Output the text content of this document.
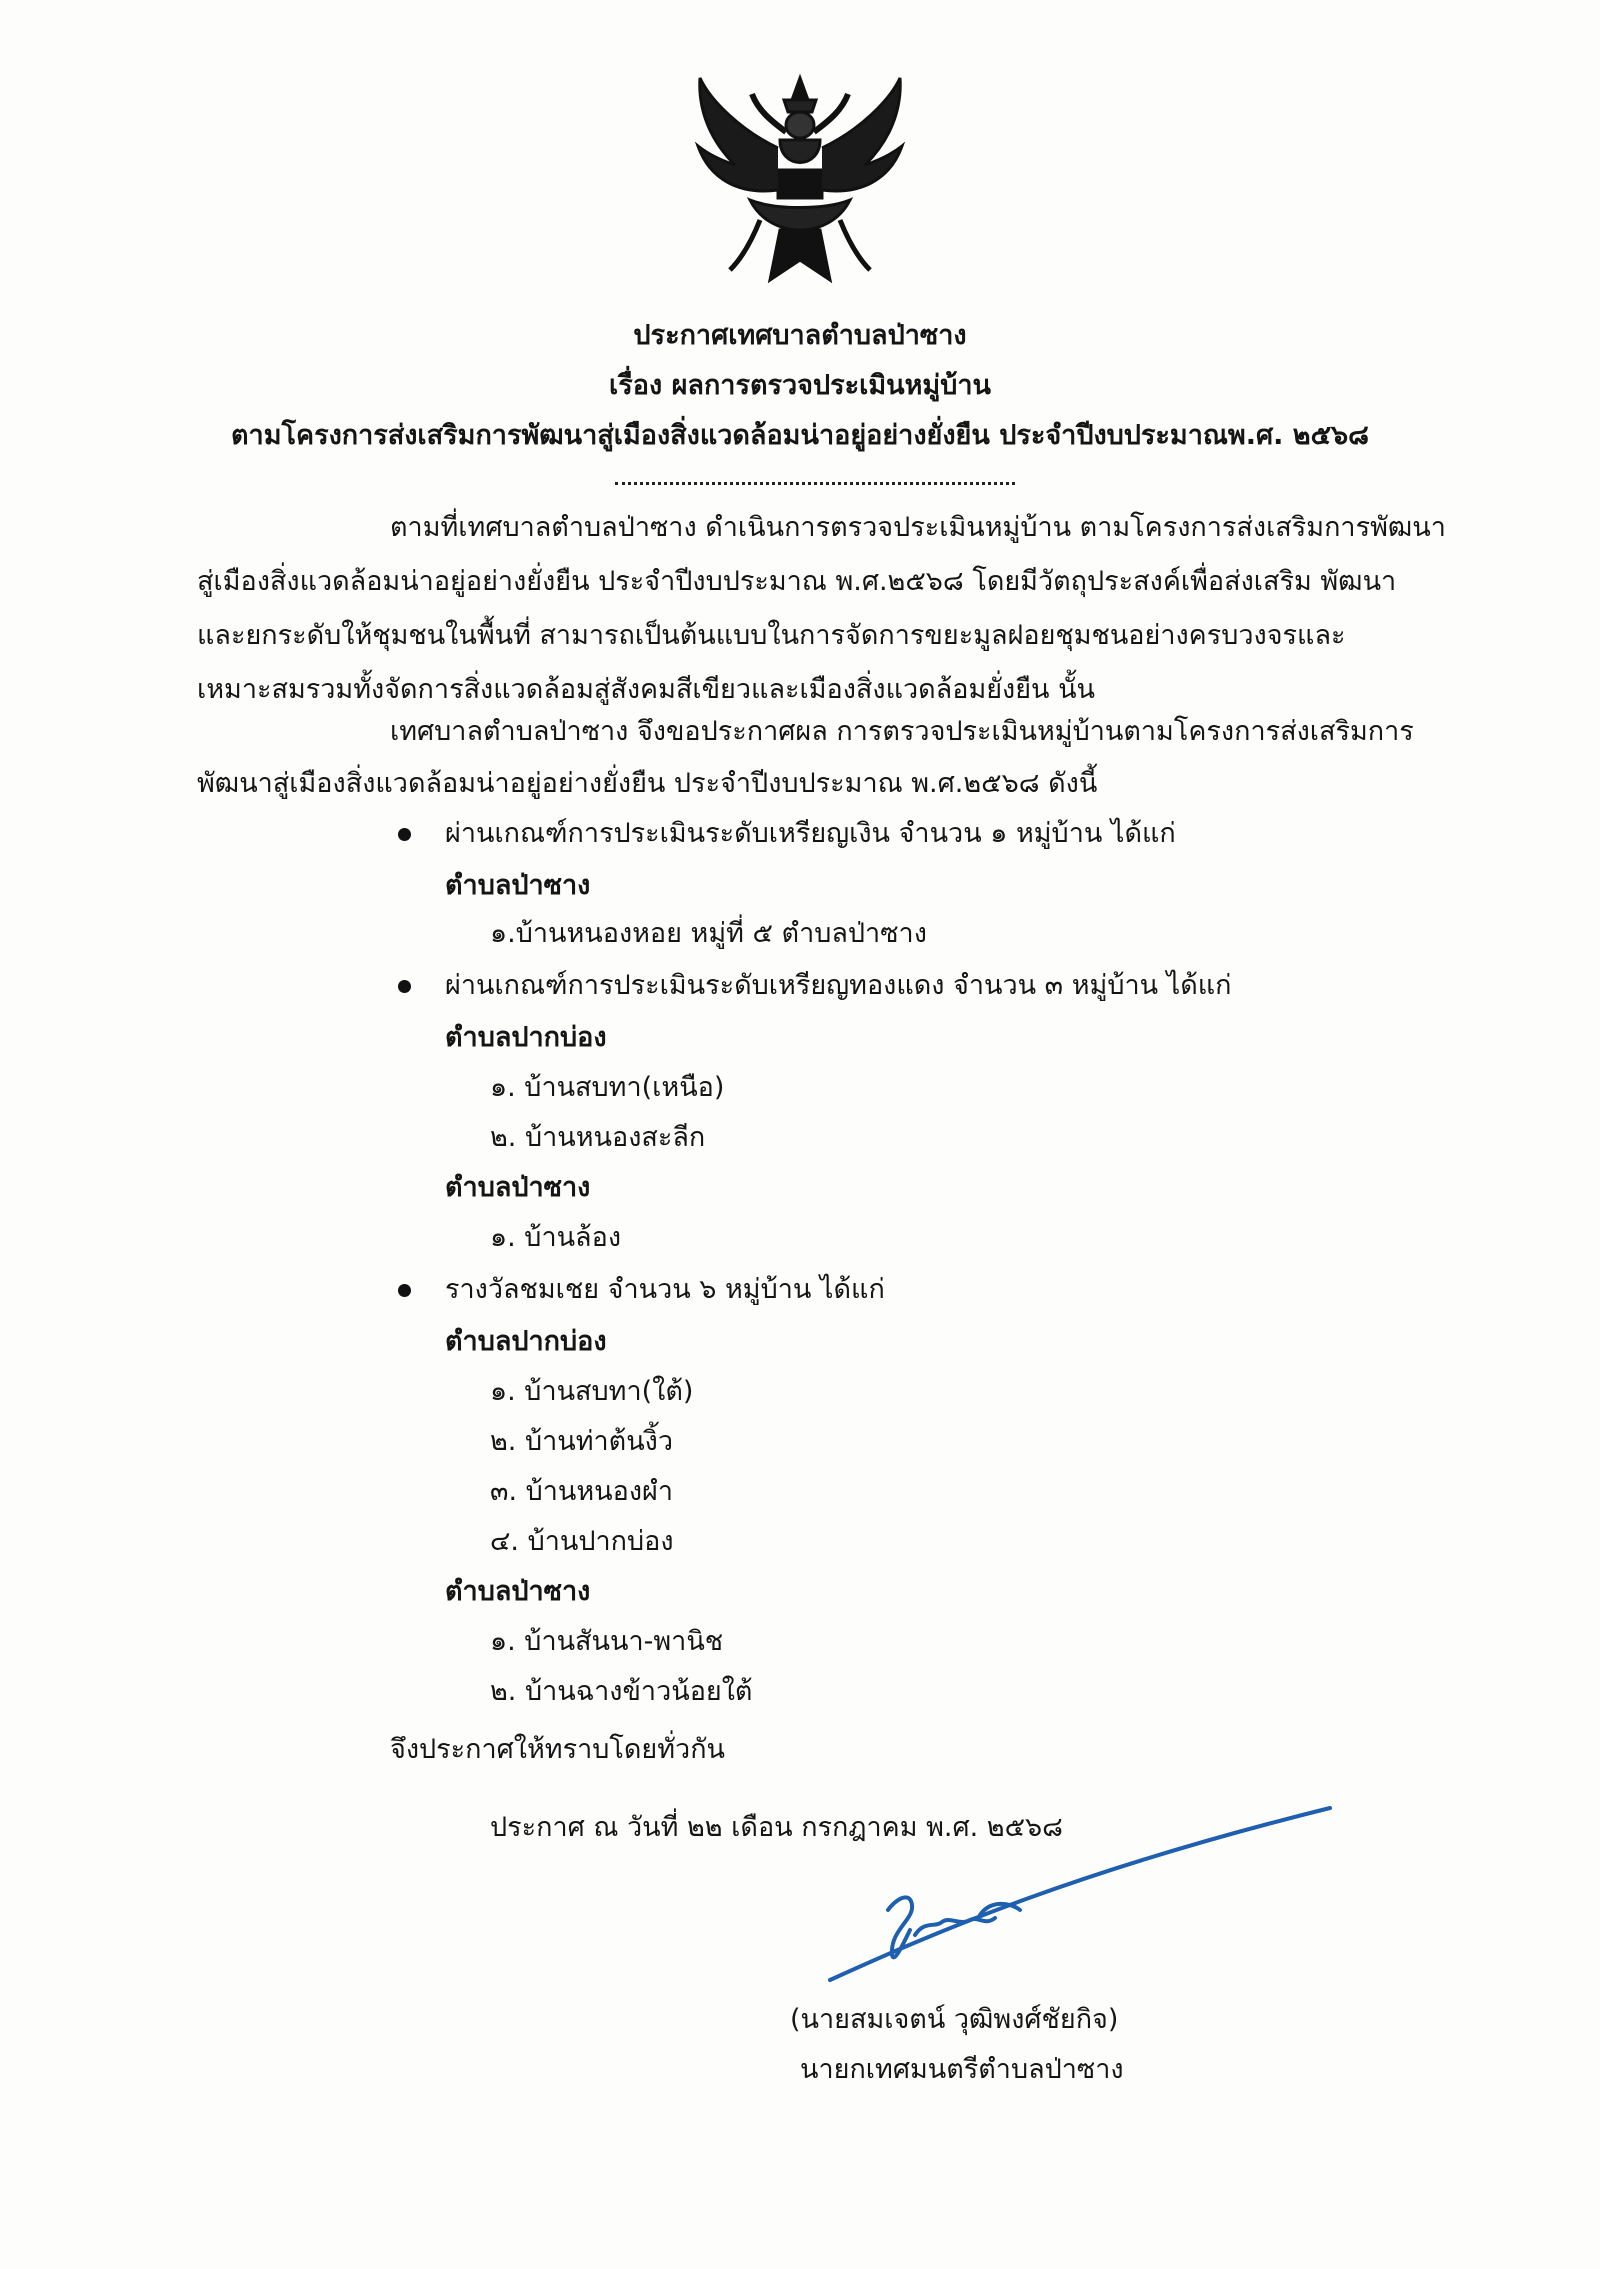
ประกาศเทศบาลตำบลป่าซาง
เรื่อง ผลการตรวจประเมินหมู่บ้าน
ตามโครงการส่งเสริมการพัฒนาสู่เมืองสิ่งแวดล้อมน่าอยู่อย่างยั่งยืน ประจำปีงบประมาณพ.ศ. ๒๕๖๘
ตามที่เทศบาลตำบลป่าซาง ดำเนินการตรวจประเมินหมู่บ้าน ตามโครงการส่งเสริมการพัฒนา
สู่เมืองสิ่งแวดล้อมน่าอยู่อย่างยั่งยืน ประจำปีงบประมาณ พ.ศ.๒๕๖๘ โดยมีวัตถุประสงค์เพื่อส่งเสริม พัฒนา
และยกระดับให้ชุมชนในพื้นที่ สามารถเป็นต้นแบบในการจัดการขยะมูลฝอยชุมชนอย่างครบวงจรและ
เหมาะสมรวมทั้งจัดการสิ่งแวดล้อมสู่สังคมสีเขียวและเมืองสิ่งแวดล้อมยั่งยืน นั้น
เทศบาลตำบลป่าซาง จึงขอประกาศผล การตรวจประเมินหมู่บ้านตามโครงการส่งเสริมการ
พัฒนาสู่เมืองสิ่งแวดล้อมน่าอยู่อย่างยั่งยืน ประจำปีงบประมาณ พ.ศ.๒๕๖๘ ดังนี้
ผ่านเกณฑ์การประเมินระดับเหรียญเงิน จำนวน ๑ หมู่บ้าน ได้แก่
ตำบลป่าซาง
๑.บ้านหนองหอย หมู่ที่ ๕ ตำบลป่าซาง
ผ่านเกณฑ์การประเมินระดับเหรียญทองแดง จำนวน ๓ หมู่บ้าน ได้แก่
ตำบลปากบ่อง
๑. บ้านสบทา(เหนือ)
๒. บ้านหนองสะลีก
ตำบลป่าซาง
๑. บ้านล้อง
รางวัลชมเชย จำนวน ๖ หมู่บ้าน ได้แก่
ตำบลปากบ่อง
๑. บ้านสบทา(ใต้)
๒. บ้านท่าต้นงิ้ว
๓. บ้านหนองผำ
๔. บ้านปากบ่อง
ตำบลป่าซาง
๑. บ้านสันนา-พานิช
๒. บ้านฉางข้าวน้อยใต้
จึงประกาศให้ทราบโดยทั่วกัน
ประกาศ ณ วันที่ ๒๒ เดือน กรกฎาคม พ.ศ. ๒๕๖๘
(นายสมเจตน์ วุฒิพงศ์ชัยกิจ)
นายกเทศมนตรีตำบลป่าซาง
